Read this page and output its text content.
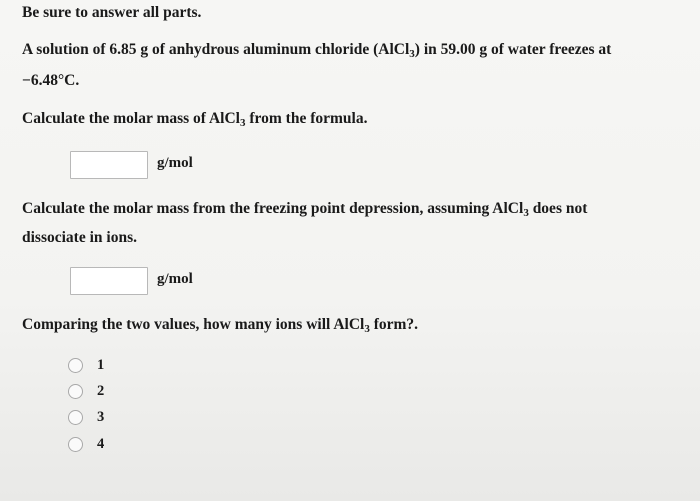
Be sure to answer all parts.
A solution of 6.85 g of anhydrous aluminum chloride (AlCl$_3$) in 59.00 g of water freezes at
−6.48°C.
Calculate the molar mass of AlCl$_3$ from the formula.
g/mol
Calculate the molar mass from the freezing point depression, assuming AlCl$_3$ does not
dissociate in ions.
g/mol
Comparing the two values, how many ions will AlCl$_3$ form?.
1
2
3
4
